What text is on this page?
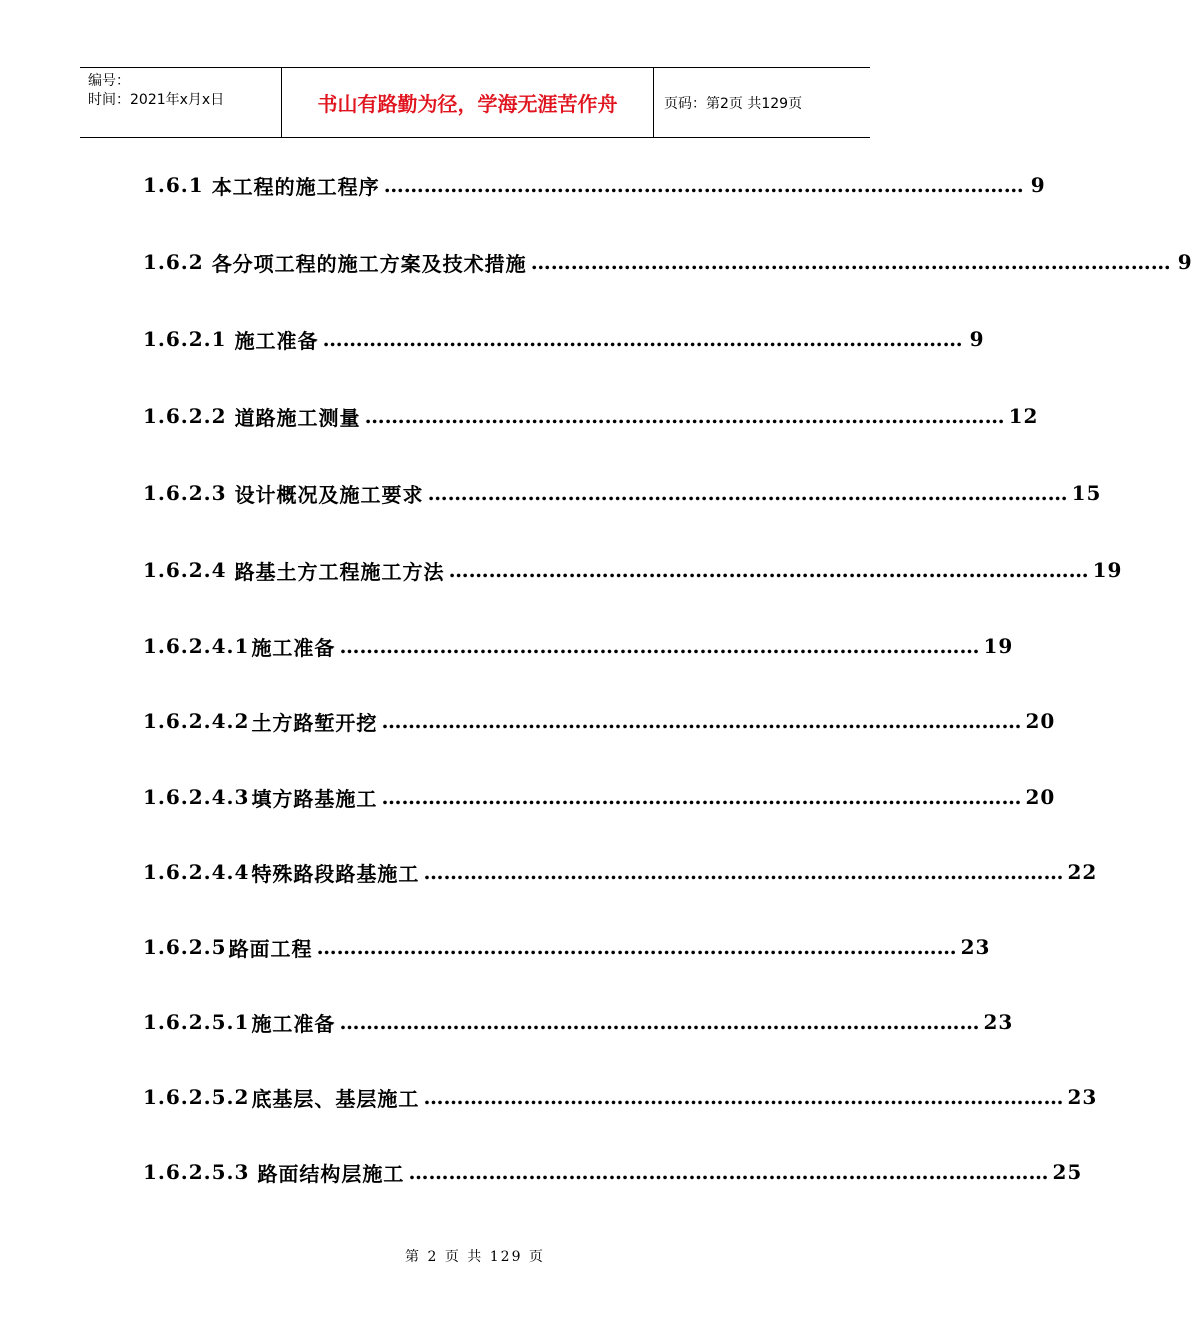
编号：
时间：2021年x月x日	书山有路勤为径，学海无涯苦作舟	页码：第2页 共129页
1.6.1 本工程的施工程序 …………………………………………………………………………………… 9
1.6.2 各分项工程的施工方案及技术措施 …………………………………………………………………………………… 9
1.6.2.1 施工准备 …………………………………………………………………………………… 9
1.6.2.2 道路施工测量 …………………………………………………………………………………… 12
1.6.2.3 设计概况及施工要求 …………………………………………………………………………………… 15
1.6.2.4 路基土方工程施工方法 …………………………………………………………………………………… 19
1.6.2.4.1 施工准备 …………………………………………………………………………………… 19
1.6.2.4.2 土方路堑开挖 …………………………………………………………………………………… 20
1.6.2.4.3 填方路基施工 …………………………………………………………………………………… 20
1.6.2.4.4 特殊路段路基施工 …………………………………………………………………………………… 22
1.6.2.5 路面工程 …………………………………………………………………………………… 23
1.6.2.5.1 施工准备 …………………………………………………………………………………… 23
1.6.2.5.2 底基层、基层施工 …………………………………………………………………………………… 23
1.6.2.5.3 路面结构层施工 …………………………………………………………………………………… 25
第 2 页 共 129 页
